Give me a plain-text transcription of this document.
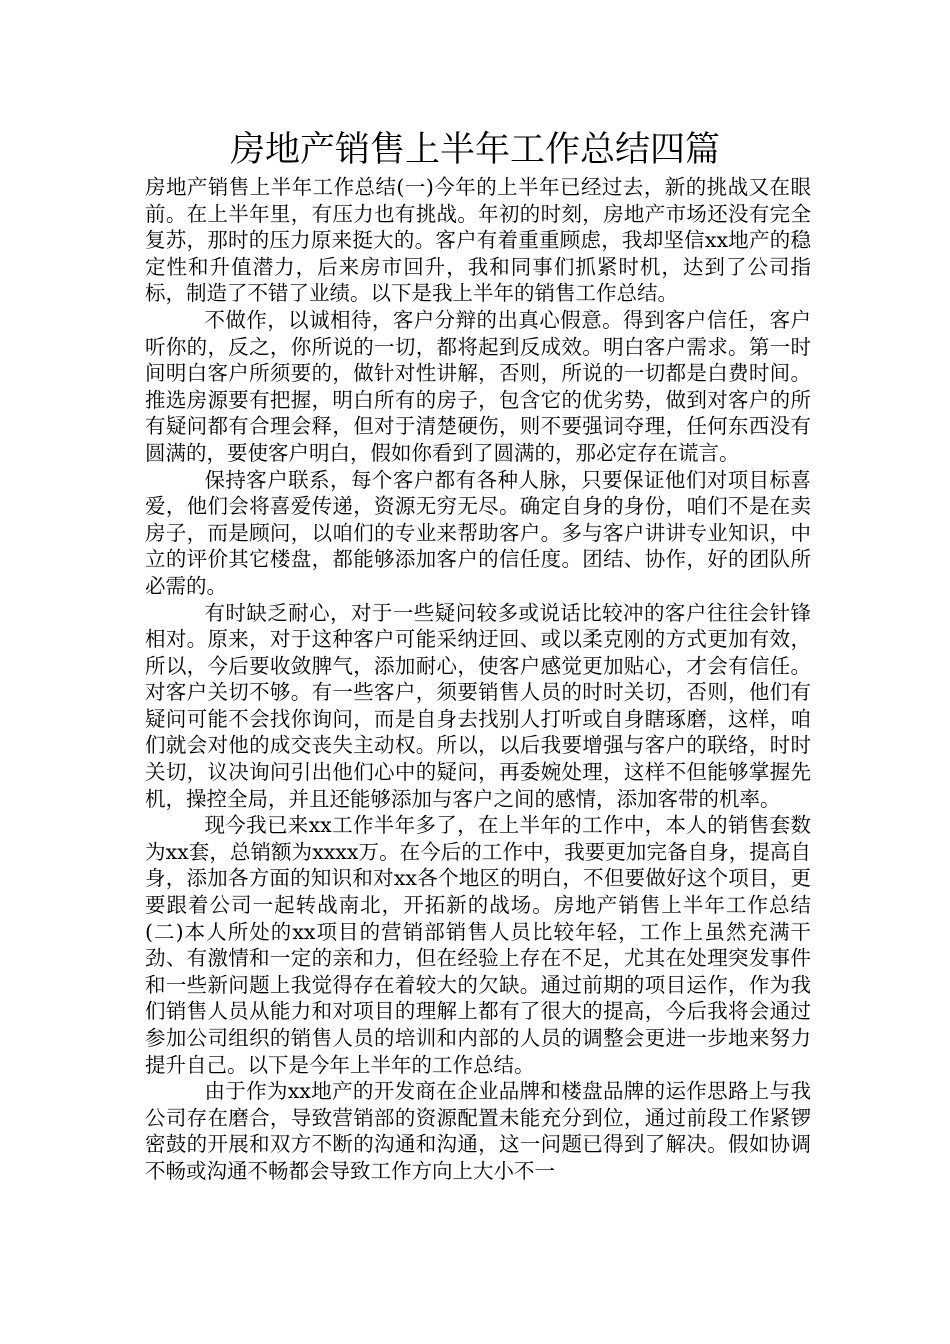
房地产销售上半年工作总结四篇

房地产销售上半年工作总结(一)今年的上半年已经过去，新的挑战又在眼前。在上半年里，有压力也有挑战。年初的时刻，房地产市场还没有完全复苏，那时的压力原来挺大的。客户有着重重顾虑，我却坚信xx地产的稳定性和升值潜力，后来房市回升，我和同事们抓紧时机，达到了公司指标，制造了不错了业绩。以下是我上半年的销售工作总结。

不做作，以诚相待，客户分辩的出真心假意。得到客户信任，客户听你的，反之，你所说的一切，都将起到反成效。明白客户需求。第一时间明白客户所须要的，做针对性讲解，否则，所说的一切都是白费时间。推选房源要有把握，明白所有的房子，包含它的优劣势，做到对客户的所有疑问都有合理会释，但对于清楚硬伤，则不要强词夺理，任何东西没有圆满的，要使客户明白，假如你看到了圆满的，那必定存在谎言。

保持客户联系，每个客户都有各种人脉，只要保证他们对项目标喜爱，他们会将喜爱传递，资源无穷无尽。确定自身的身份，咱们不是在卖房子，而是顾问，以咱们的专业来帮助客户。多与客户讲讲专业知识，中立的评价其它楼盘，都能够添加客户的信任度。团结、协作，好的团队所必需的。

有时缺乏耐心，对于一些疑问较多或说话比较冲的客户往往会针锋相对。原来，对于这种客户可能采纳迂回、或以柔克刚的方式更加有效，所以，今后要收敛脾气，添加耐心，使客户感觉更加贴心，才会有信任。对客户关切不够。有一些客户，须要销售人员的时时关切，否则，他们有疑问可能不会找你询问，而是自身去找别人打听或自身瞎琢磨，这样，咱们就会对他的成交丧失主动权。所以，以后我要增强与客户的联络，时时关切，议决询问引出他们心中的疑问，再委婉处理，这样不但能够掌握先机，操控全局，并且还能够添加与客户之间的感情，添加客带的机率。

现今我已来xx工作半年多了，在上半年的工作中，本人的销售套数为xx套，总销额为xxxx万。在今后的工作中，我要更加完备自身，提高自身，添加各方面的知识和对xx各个地区的明白，不但要做好这个项目，更要跟着公司一起转战南北，开拓新的战场。房地产销售上半年工作总结(二)本人所处的xx项目的营销部销售人员比较年轻，工作上虽然充满干劲、有激情和一定的亲和力，但在经验上存在不足，尤其在处理突发事件和一些新问题上我觉得存在着较大的欠缺。通过前期的项目运作，作为我们销售人员从能力和对项目的理解上都有了很大的提高，今后我将会通过参加公司组织的销售人员的培训和内部的人员的调整会更进一步地来努力提升自己。以下是今年上半年的工作总结。

由于作为xx地产的开发商在企业品牌和楼盘品牌的运作思路上与我公司存在磨合，导致营销部的资源配置未能充分到位，通过前段工作紧锣密鼓的开展和双方不断的沟通和沟通，这一问题已得到了解决。假如协调不畅或沟通不畅都会导致工作方向上大小不一
